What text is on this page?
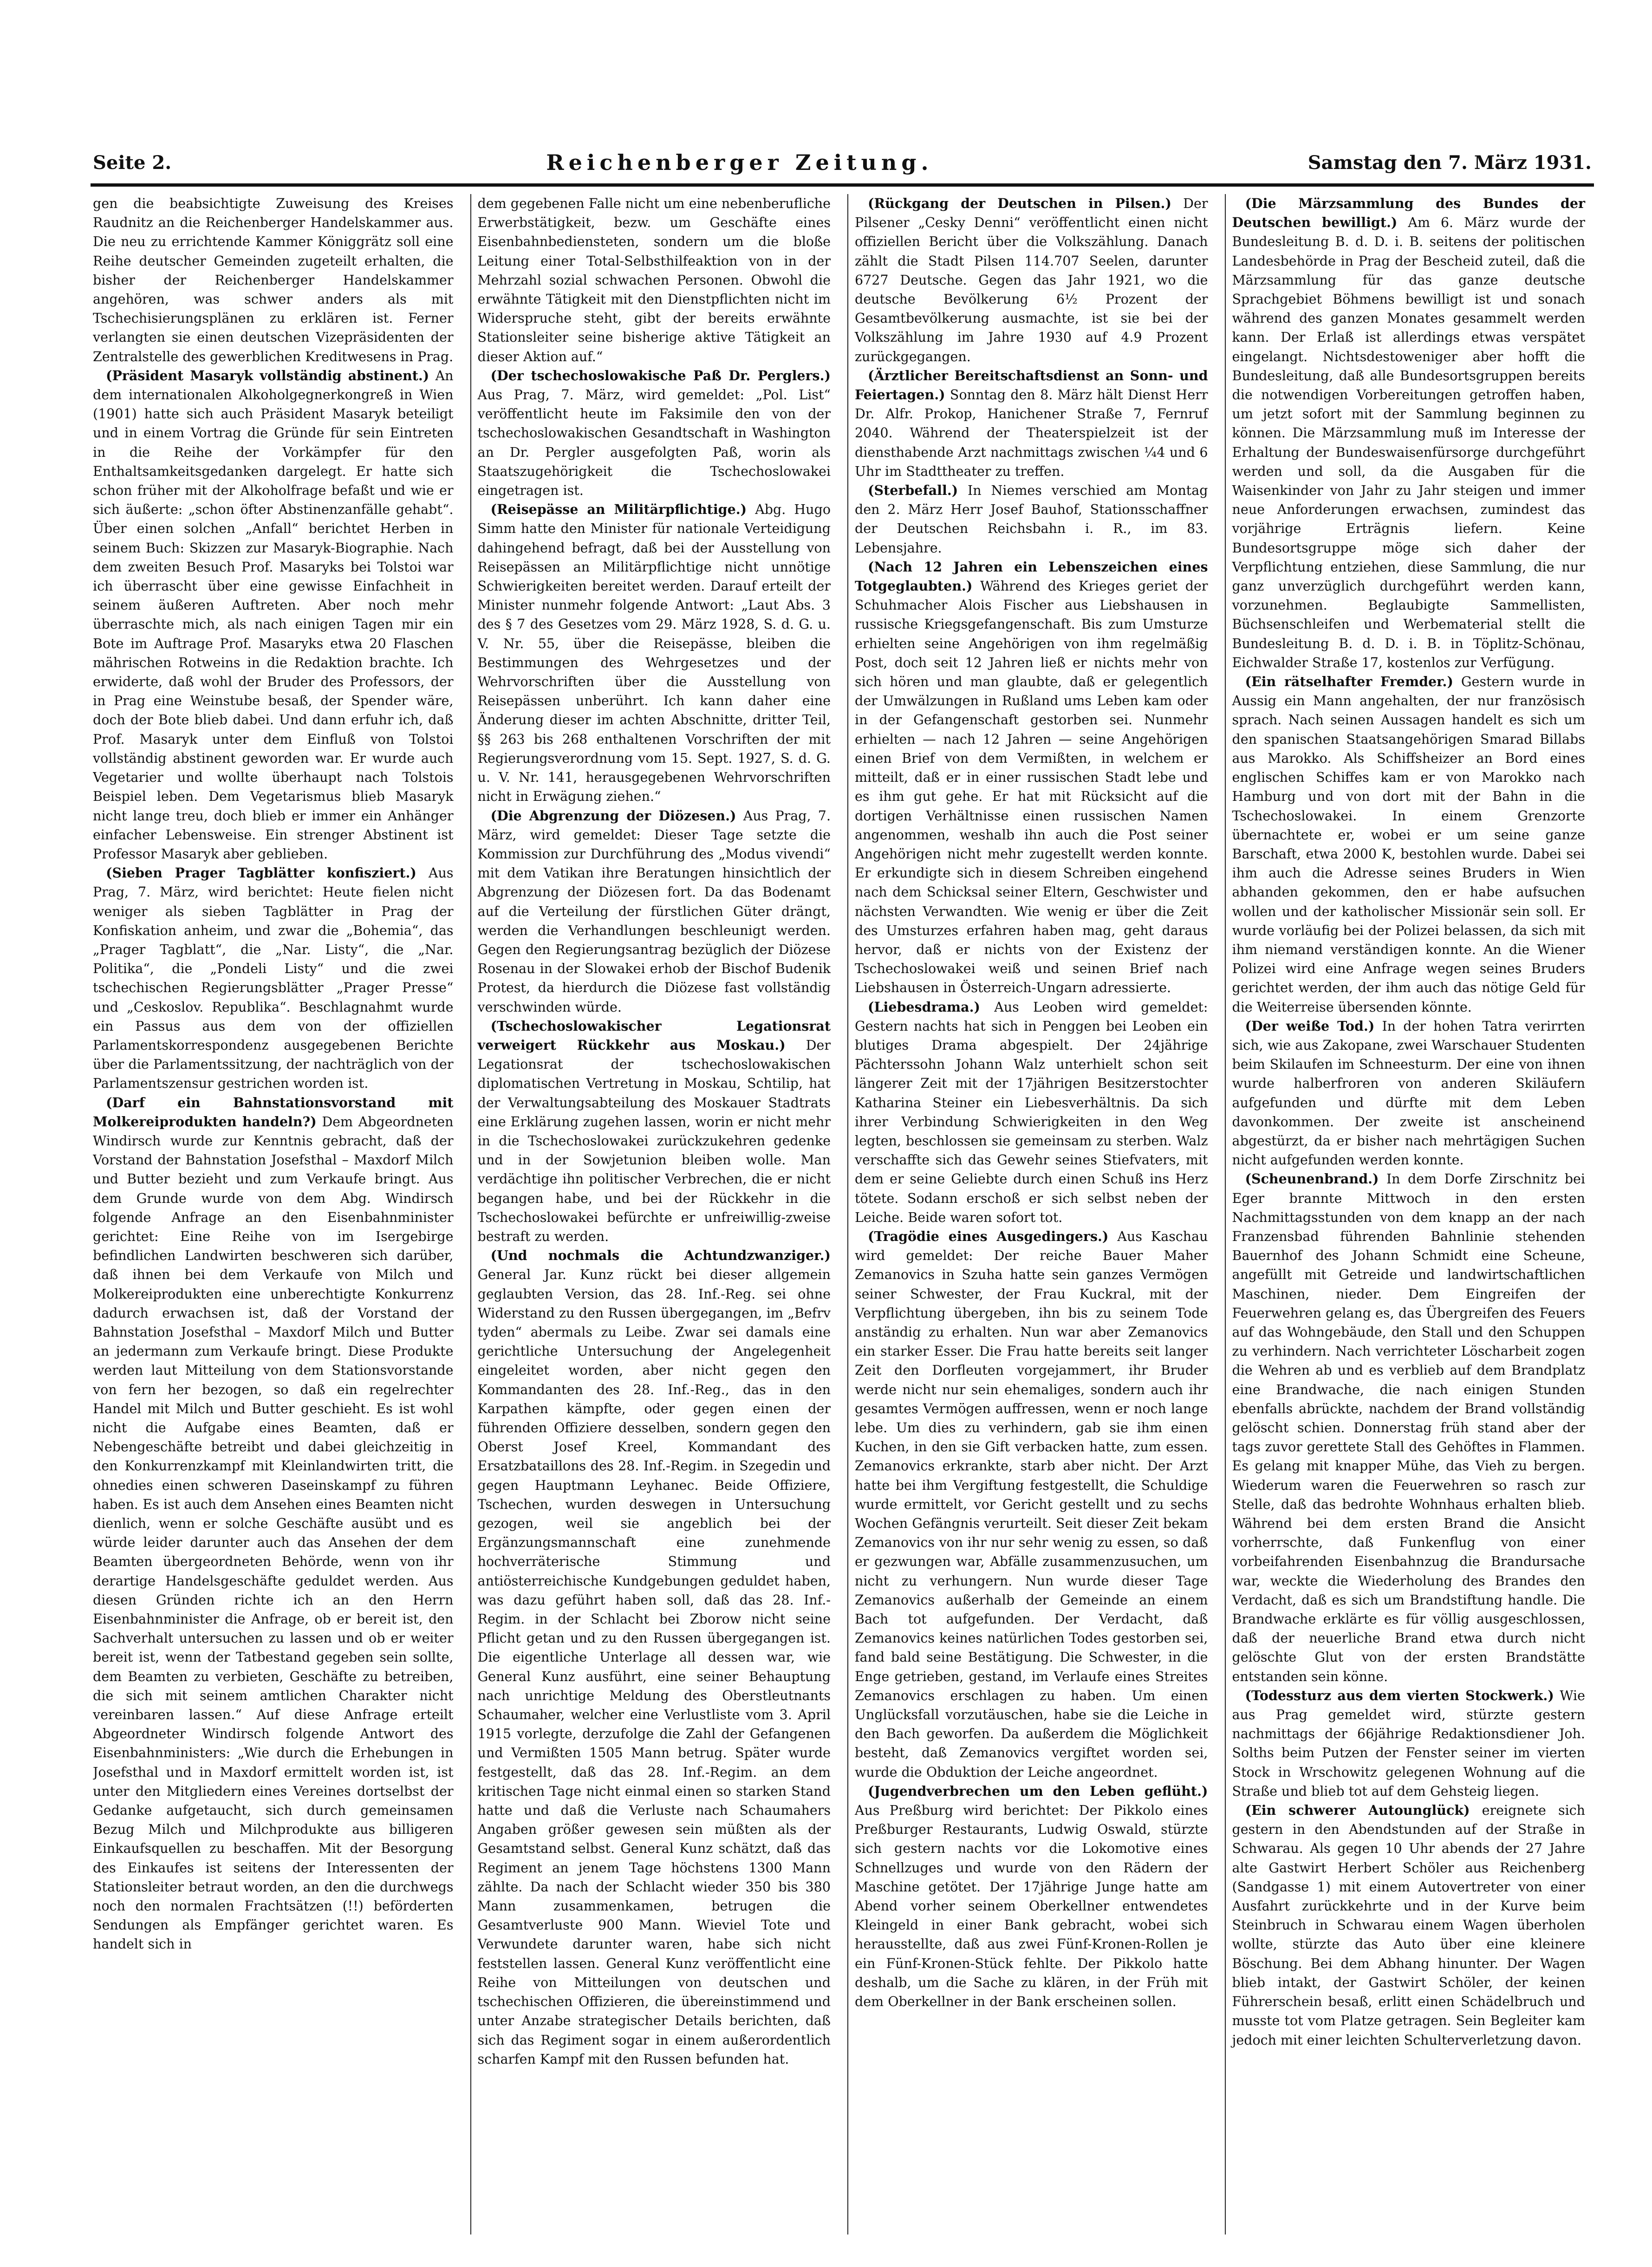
Seite 2.	Reichenberger Zeitung.	Samstag den 7. März 1931.

gen die beabsichtigte Zuweisung des Kreises Raudnitz an die Reichenberger Handelskammer aus. Die neu zu errichtende Kammer Königgrätz soll eine Reihe deutscher Gemeinden zugeteilt erhalten, die bisher der Reichenberger Handelskammer angehören, was schwer anders als mit Tschechisierungsplänen zu erklären ist. Ferner verlangten sie einen deutschen Vizepräsidenten der Zentralstelle des gewerblichen Kreditwesens in Prag.

(Präsident Masaryk vollständig abstinent.) An dem internationalen Alkoholgegnerkongreß in Wien (1901) hatte sich auch Präsident Masaryk beteiligt und in einem Vortrag die Gründe für sein Eintreten in die Reihe der Vorkämpfer für den Enthaltsamkeitsgedanken dargelegt. Er hatte sich schon früher mit der Alkoholfrage befaßt und wie er sich äußerte: „schon öfter Abstinenzanfälle gehabt“. Über einen solchen „Anfall“ berichtet Herben in seinem Buch: Skizzen zur Masaryk-Biographie. Nach dem zweiten Besuch Prof. Masaryks bei Tolstoi war ich überrascht über eine gewisse Einfachheit in seinem äußeren Auftreten. Aber noch mehr überraschte mich, als nach einigen Tagen mir ein Bote im Auftrage Prof. Masaryks etwa 20 Flaschen mährischen Rotweins in die Redaktion brachte. Ich erwiderte, daß wohl der Bruder des Professors, der in Prag eine Weinstube besaß, der Spender wäre, doch der Bote blieb dabei. Und dann erfuhr ich, daß Prof. Masaryk unter dem Einfluß von Tolstoi vollständig abstinent geworden war. Er wurde auch Vegetarier und wollte überhaupt nach Tolstois Beispiel leben. Dem Vegetarismus blieb Masaryk nicht lange treu, doch blieb er immer ein Anhänger einfacher Lebensweise. Ein strenger Abstinent ist Professor Masaryk aber geblieben.

(Sieben Prager Tagblätter konfisziert.) Aus Prag, 7. März, wird berichtet: Heute fielen nicht weniger als sieben Tagblätter in Prag der Konfiskation anheim, und zwar die „Bohemia“, das „Prager Tagblatt“, die „Nar. Listy“, die „Nar. Politika“, die „Pondeli Listy“ und die zwei tschechischen Regierungsblätter „Prager Presse“ und „Ceskoslov. Republika“. Beschlagnahmt wurde ein Passus aus dem von der offiziellen Parlamentskorrespondenz ausgegebenen Berichte über die Parlamentssitzung, der nachträglich von der Parlamentszensur gestrichen worden ist.

(Darf ein Bahnstationsvorstand mit Molkereiprodukten handeln?) Dem Abgeordneten Windirsch wurde zur Kenntnis gebracht, daß der Vorstand der Bahnstation Josefsthal – Maxdorf Milch und Butter bezieht und zum Verkaufe bringt. Aus dem Grunde wurde von dem Abg. Windirsch folgende Anfrage an den Eisenbahnminister gerichtet: Eine Reihe von im Isergebirge befindlichen Landwirten beschweren sich darüber, daß ihnen bei dem Verkaufe von Milch und Molkereiprodukten eine unberechtigte Konkurrenz dadurch erwachsen ist, daß der Vorstand der Bahnstation Josefsthal – Maxdorf Milch und Butter an jedermann zum Verkaufe bringt. Diese Produkte werden laut Mitteilung von dem Stationsvorstande von fern her bezogen, so daß ein regelrechter Handel mit Milch und Butter geschieht. Es ist wohl nicht die Aufgabe eines Beamten, daß er Nebengeschäfte betreibt und dabei gleichzeitig in den Konkurrenzkampf mit Kleinlandwirten tritt, die ohnedies einen schweren Daseinskampf zu führen haben. Es ist auch dem Ansehen eines Beamten nicht dienlich, wenn er solche Geschäfte ausübt und es würde leider darunter auch das Ansehen der dem Beamten übergeordneten Behörde, wenn von ihr derartige Handelsgeschäfte geduldet werden. Aus diesen Gründen richte ich an den Herrn Eisenbahnminister die Anfrage, ob er bereit ist, den Sachverhalt untersuchen zu lassen und ob er weiter bereit ist, wenn der Tatbestand gegeben sein sollte, dem Beamten zu verbieten, Geschäfte zu betreiben, die sich mit seinem amtlichen Charakter nicht vereinbaren lassen.“ Auf diese Anfrage erteilt Abgeordneter Windirsch folgende Antwort des Eisenbahnministers: „Wie durch die Erhebungen in Josefsthal und in Maxdorf ermittelt worden ist, ist unter den Mitgliedern eines Vereines dortselbst der Gedanke aufgetaucht, sich durch gemeinsamen Bezug Milch und Milchprodukte aus billigeren Einkaufsquellen zu beschaffen. Mit der Besorgung des Einkaufes ist seitens der Interessenten der Stationsleiter betraut worden, an den die durchwegs noch den normalen Frachtsätzen (!!) beförderten Sendungen als Empfänger gerichtet waren. Es handelt sich in

dem gegebenen Falle nicht um eine nebenberufliche Erwerbstätigkeit, bezw. um Geschäfte eines Eisenbahnbediensteten, sondern um die bloße Leitung einer Total-Selbsthilfeaktion von in der Mehrzahl sozial schwachen Personen. Obwohl die erwähnte Tätigkeit mit den Dienstpflichten nicht im Widerspruche steht, gibt der bereits erwähnte Stationsleiter seine bisherige aktive Tätigkeit an dieser Aktion auf.“

(Der tschechoslowakische Paß Dr. Perglers.) Aus Prag, 7. März, wird gemeldet: „Pol. List“ veröffentlicht heute im Faksimile den von der tschechoslowakischen Gesandtschaft in Washington an Dr. Pergler ausgefolgten Paß, worin als Staatszugehörigkeit die Tschechoslowakei eingetragen ist.

(Reisepässe an Militärpflichtige.) Abg. Hugo Simm hatte den Minister für nationale Verteidigung dahingehend befragt, daß bei der Ausstellung von Reisepässen an Militärpflichtige nicht unnötige Schwierigkeiten bereitet werden. Darauf erteilt der Minister nunmehr folgende Antwort: „Laut Abs. 3 des § 7 des Gesetzes vom 29. März 1928, S. d. G. u. V. Nr. 55, über die Reisepässe, bleiben die Bestimmungen des Wehrgesetzes und der Wehrvorschriften über die Ausstellung von Reisepässen unberührt. Ich kann daher eine Änderung dieser im achten Abschnitte, dritter Teil, §§ 263 bis 268 enthaltenen Vorschriften der mit Regierungsverordnung vom 15. Sept. 1927, S. d. G. u. V. Nr. 141, herausgegebenen Wehrvorschriften nicht in Erwägung ziehen.“

(Die Abgrenzung der Diözesen.) Aus Prag, 7. März, wird gemeldet: Dieser Tage setzte die Kommission zur Durchführung des „Modus vivendi“ mit dem Vatikan ihre Beratungen hinsichtlich der Abgrenzung der Diözesen fort. Da das Bodenamt auf die Verteilung der fürstlichen Güter drängt, werden die Verhandlungen beschleunigt werden. Gegen den Regierungsantrag bezüglich der Diözese Rosenau in der Slowakei erhob der Bischof Budenik Protest, da hierdurch die Diözese fast vollständig verschwinden würde.

(Tschechoslowakischer Legationsrat verweigert Rückkehr aus Moskau.) Der Legationsrat der tschechoslowakischen diplomatischen Vertretung in Moskau, Schtilip, hat der Verwaltungsabteilung des Moskauer Stadtrats eine Erklärung zugehen lassen, worin er nicht mehr in die Tschechoslowakei zurückzukehren gedenke und in der Sowjetunion bleiben wolle. Man verdächtige ihn politischer Verbrechen, die er nicht begangen habe, und bei der Rückkehr in die Tschechoslowakei befürchte er unfreiwillig-zweise bestraft zu werden.

(Und nochmals die Achtundzwanziger.) General Jar. Kunz rückt bei dieser allgemein geglaubten Version, das 28. Inf.-Reg. sei ohne Widerstand zu den Russen übergegangen, im „Befrv tyden“ abermals zu Leibe. Zwar sei damals eine gerichtliche Untersuchung der Angelegenheit eingeleitet worden, aber nicht gegen den Kommandanten des 28. Inf.-Reg., das in den Karpathen kämpfte, oder gegen einen der führenden Offiziere desselben, sondern gegen den Oberst Josef Kreel, Kommandant des Ersatzbataillons des 28. Inf.-Regim. in Szegedin und gegen Hauptmann Leyhanec. Beide Offiziere, Tschechen, wurden deswegen in Untersuchung gezogen, weil sie angeblich bei der Ergänzungsmannschaft eine zunehmende hochverräterische Stimmung und antiösterreichische Kundgebungen geduldet haben, was dazu geführt haben soll, daß das 28. Inf.-Regim. in der Schlacht bei Zborow nicht seine Pflicht getan und zu den Russen übergegangen ist. Die eigentliche Unterlage all dessen war, wie General Kunz ausführt, eine seiner Behauptung nach unrichtige Meldung des Oberstleutnants Schaumaher, welcher eine Verlustliste vom 3. April 1915 vorlegte, derzufolge die Zahl der Gefangenen und Vermißten 1505 Mann betrug. Später wurde festgestellt, daß das 28. Inf.-Regim. an dem kritischen Tage nicht einmal einen so starken Stand hatte und daß die Verluste nach Schaumahers Angaben größer gewesen sein müßten als der Gesamtstand selbst. General Kunz schätzt, daß das Regiment an jenem Tage höchstens 1300 Mann zählte. Da nach der Schlacht wieder 350 bis 380 Mann zusammenkamen, betrugen die Gesamtverluste 900 Mann. Wieviel Tote und Verwundete darunter waren, habe sich nicht feststellen lassen. General Kunz veröffentlicht eine Reihe von Mitteilungen von deutschen und tschechischen Offizieren, die übereinstimmend und unter Anzabe strategischer Details berichten, daß sich das Regiment sogar in einem außerordentlich scharfen Kampf mit den Russen befunden hat.

(Rückgang der Deutschen in Pilsen.) Der Pilsener „Cesky Denni“ veröffentlicht einen nicht offiziellen Bericht über die Volkszählung. Danach zählt die Stadt Pilsen 114.707 Seelen, darunter 6727 Deutsche. Gegen das Jahr 1921, wo die deutsche Bevölkerung 6½ Prozent der Gesamtbevölkerung ausmachte, ist sie bei der Volkszählung im Jahre 1930 auf 4.9 Prozent zurückgegangen.

(Ärztlicher Bereitschaftsdienst an Sonn- und Feiertagen.) Sonntag den 8. März hält Dienst Herr Dr. Alfr. Prokop, Hanichener Straße 7, Fernruf 2040. Während der Theaterspielzeit ist der diensthabende Arzt nachmittags zwischen ¼4 und 6 Uhr im Stadttheater zu treffen.

(Sterbefall.) In Niemes verschied am Montag den 2. März Herr Josef Bauhof, Stationsschaffner der Deutschen Reichsbahn i. R., im 83. Lebensjahre.

(Nach 12 Jahren ein Lebenszeichen eines Totgeglaubten.) Während des Krieges geriet der Schuhmacher Alois Fischer aus Liebshausen in russische Kriegsgefangenschaft. Bis zum Umsturze erhielten seine Angehörigen von ihm regelmäßig Post, doch seit 12 Jahren ließ er nichts mehr von sich hören und man glaubte, daß er gelegentlich der Umwälzungen in Rußland ums Leben kam oder in der Gefangenschaft gestorben sei. Nunmehr erhielten — nach 12 Jahren — seine Angehörigen einen Brief von dem Vermißten, in welchem er mitteilt, daß er in einer russischen Stadt lebe und es ihm gut gehe. Er hat mit Rücksicht auf die dortigen Verhältnisse einen russischen Namen angenommen, weshalb ihn auch die Post seiner Angehörigen nicht mehr zugestellt werden konnte. Er erkundigte sich in diesem Schreiben eingehend nach dem Schicksal seiner Eltern, Geschwister und nächsten Verwandten. Wie wenig er über die Zeit des Umsturzes erfahren haben mag, geht daraus hervor, daß er nichts von der Existenz der Tschechoslowakei weiß und seinen Brief nach Liebshausen in Österreich-Ungarn adressierte.

(Liebesdrama.) Aus Leoben wird gemeldet: Gestern nachts hat sich in Penggen bei Leoben ein blutiges Drama abgespielt. Der 24jährige Pächterssohn Johann Walz unterhielt schon seit längerer Zeit mit der 17jährigen Besitzerstochter Katharina Steiner ein Liebesverhältnis. Da sich ihrer Verbindung Schwierigkeiten in den Weg legten, beschlossen sie gemeinsam zu sterben. Walz verschaffte sich das Gewehr seines Stiefvaters, mit dem er seine Geliebte durch einen Schuß ins Herz tötete. Sodann erschoß er sich selbst neben der Leiche. Beide waren sofort tot.

(Tragödie eines Ausgedingers.) Aus Kaschau wird gemeldet: Der reiche Bauer Maher Zemanovics in Szuha hatte sein ganzes Vermögen seiner Schwester, der Frau Kuckral, mit der Verpflichtung übergeben, ihn bis zu seinem Tode anständig zu erhalten. Nun war aber Zemanovics ein starker Esser. Die Frau hatte bereits seit langer Zeit den Dorfleuten vorgejammert, ihr Bruder werde nicht nur sein ehemaliges, sondern auch ihr gesamtes Vermögen auffressen, wenn er noch lange lebe. Um dies zu verhindern, gab sie ihm einen Kuchen, in den sie Gift verbacken hatte, zum essen. Zemanovics erkrankte, starb aber nicht. Der Arzt hatte bei ihm Vergiftung festgestellt, die Schuldige wurde ermittelt, vor Gericht gestellt und zu sechs Wochen Gefängnis verurteilt. Seit dieser Zeit bekam Zemanovics von ihr nur sehr wenig zu essen, so daß er gezwungen war, Abfälle zusammenzusuchen, um nicht zu verhungern. Nun wurde dieser Tage Zemanovics außerhalb der Gemeinde an einem Bach tot aufgefunden. Der Verdacht, daß Zemanovics keines natürlichen Todes gestorben sei, fand bald seine Bestätigung. Die Schwester, in die Enge getrieben, gestand, im Verlaufe eines Streites Zemanovics erschlagen zu haben. Um einen Unglücksfall vorzutäuschen, habe sie die Leiche in den Bach geworfen. Da außerdem die Möglichkeit besteht, daß Zemanovics vergiftet worden sei, wurde die Obduktion der Leiche angeordnet.

(Jugendverbrechen um den Leben geflüht.) Aus Preßburg wird berichtet: Der Pikkolo eines Preßburger Restaurants, Ludwig Oswald, stürzte sich gestern nachts vor die Lokomotive eines Schnellzuges und wurde von den Rädern der Maschine getötet. Der 17jährige Junge hatte am Abend vorher seinem Oberkellner entwendetes Kleingeld in einer Bank gebracht, wobei sich herausstellte, daß aus zwei Fünf-Kronen-Rollen je ein Fünf-Kronen-Stück fehlte. Der Pikkolo hatte deshalb, um die Sache zu klären, in der Früh mit dem Oberkellner in der Bank erscheinen sollen.

(Die Märzsammlung des Bundes der Deutschen bewilligt.) Am 6. März wurde der Bundesleitung B. d. D. i. B. seitens der politischen Landesbehörde in Prag der Bescheid zuteil, daß die Märzsammlung für das ganze deutsche Sprachgebiet Böhmens bewilligt ist und sonach während des ganzen Monates gesammelt werden kann. Der Erlaß ist allerdings etwas verspätet eingelangt. Nichtsdestoweniger aber hofft die Bundesleitung, daß alle Bundesortsgruppen bereits die notwendigen Vorbereitungen getroffen haben, um jetzt sofort mit der Sammlung beginnen zu können. Die Märzsammlung muß im Interesse der Erhaltung der Bundeswaisenfürsorge durchgeführt werden und soll, da die Ausgaben für die Waisenkinder von Jahr zu Jahr steigen und immer neue Anforderungen erwachsen, zumindest das vorjährige Erträgnis liefern. Keine Bundesortsgruppe möge sich daher der Verpflichtung entziehen, diese Sammlung, die nur ganz unverzüglich durchgeführt werden kann, vorzunehmen. Beglaubigte Sammellisten, Büchsenschleifen und Werbematerial stellt die Bundesleitung B. d. D. i. B. in Töplitz-Schönau, Eichwalder Straße 17, kostenlos zur Verfügung.

(Ein rätselhafter Fremder.) Gestern wurde in Aussig ein Mann angehalten, der nur französisch sprach. Nach seinen Aussagen handelt es sich um den spanischen Staatsangehörigen Smarad Billabs aus Marokko. Als Schiffsheizer an Bord eines englischen Schiffes kam er von Marokko nach Hamburg und von dort mit der Bahn in die Tschechoslowakei. In einem Grenzorte übernachtete er, wobei er um seine ganze Barschaft, etwa 2000 K, bestohlen wurde. Dabei sei ihm auch die Adresse seines Bruders in Wien abhanden gekommen, den er habe aufsuchen wollen und der katholischer Missionär sein soll. Er wurde vorläufig bei der Polizei belassen, da sich mit ihm niemand verständigen konnte. An die Wiener Polizei wird eine Anfrage wegen seines Bruders gerichtet werden, der ihm auch das nötige Geld für die Weiterreise übersenden könnte.

(Der weiße Tod.) In der hohen Tatra verirrten sich, wie aus Zakopane, zwei Warschauer Studenten beim Skilaufen im Schneesturm. Der eine von ihnen wurde halberfroren von anderen Skiläufern aufgefunden und dürfte mit dem Leben davonkommen. Der zweite ist anscheinend abgestürzt, da er bisher nach mehrtägigen Suchen nicht aufgefunden werden konnte.

(Scheunenbrand.) In dem Dorfe Zirschnitz bei Eger brannte Mittwoch in den ersten Nachmittagsstunden von dem knapp an der nach Franzensbad führenden Bahnlinie stehenden Bauernhof des Johann Schmidt eine Scheune, angefüllt mit Getreide und landwirtschaftlichen Maschinen, nieder. Dem Eingreifen der Feuerwehren gelang es, das Übergreifen des Feuers auf das Wohngebäude, den Stall und den Schuppen zu verhindern. Nach verrichteter Löscharbeit zogen die Wehren ab und es verblieb auf dem Brandplatz eine Brandwache, die nach einigen Stunden ebenfalls abrückte, nachdem der Brand vollständig gelöscht schien. Donnerstag früh stand aber der tags zuvor gerettete Stall des Gehöftes in Flammen. Es gelang mit knapper Mühe, das Vieh zu bergen. Wiederum waren die Feuerwehren so rasch zur Stelle, daß das bedrohte Wohnhaus erhalten blieb. Während bei dem ersten Brand die Ansicht vorherrschte, daß Funkenflug von einer vorbeifahrenden Eisenbahnzug die Brandursache war, weckte die Wiederholung des Brandes den Verdacht, daß es sich um Brandstiftung handle. Die Brandwache erklärte es für völlig ausgeschlossen, daß der neuerliche Brand etwa durch nicht gelöschte Glut von der ersten Brandstätte entstanden sein könne.

(Todessturz aus dem vierten Stockwerk.) Wie aus Prag gemeldet wird, stürzte gestern nachmittags der 66jährige Redaktionsdiener Joh. Solths beim Putzen der Fenster seiner im vierten Stock in Wrschowitz gelegenen Wohnung auf die Straße und blieb tot auf dem Gehsteig liegen.

(Ein schwerer Autounglück) ereignete sich gestern in den Abendstunden auf der Straße in Schwarau. Als gegen 10 Uhr abends der 27 Jahre alte Gastwirt Herbert Schöler aus Reichenberg (Sandgasse 1) mit einem Autovertreter von einer Ausfahrt zurückkehrte und in der Kurve beim Steinbruch in Schwarau einem Wagen überholen wollte, stürzte das Auto über eine kleinere Böschung. Bei dem Abhang hinunter. Der Wagen blieb intakt, der Gastwirt Schöler, der keinen Führerschein besaß, erlitt einen Schädelbruch und musste tot vom Platze getragen. Sein Begleiter kam jedoch mit einer leichten Schulterverletzung davon.
